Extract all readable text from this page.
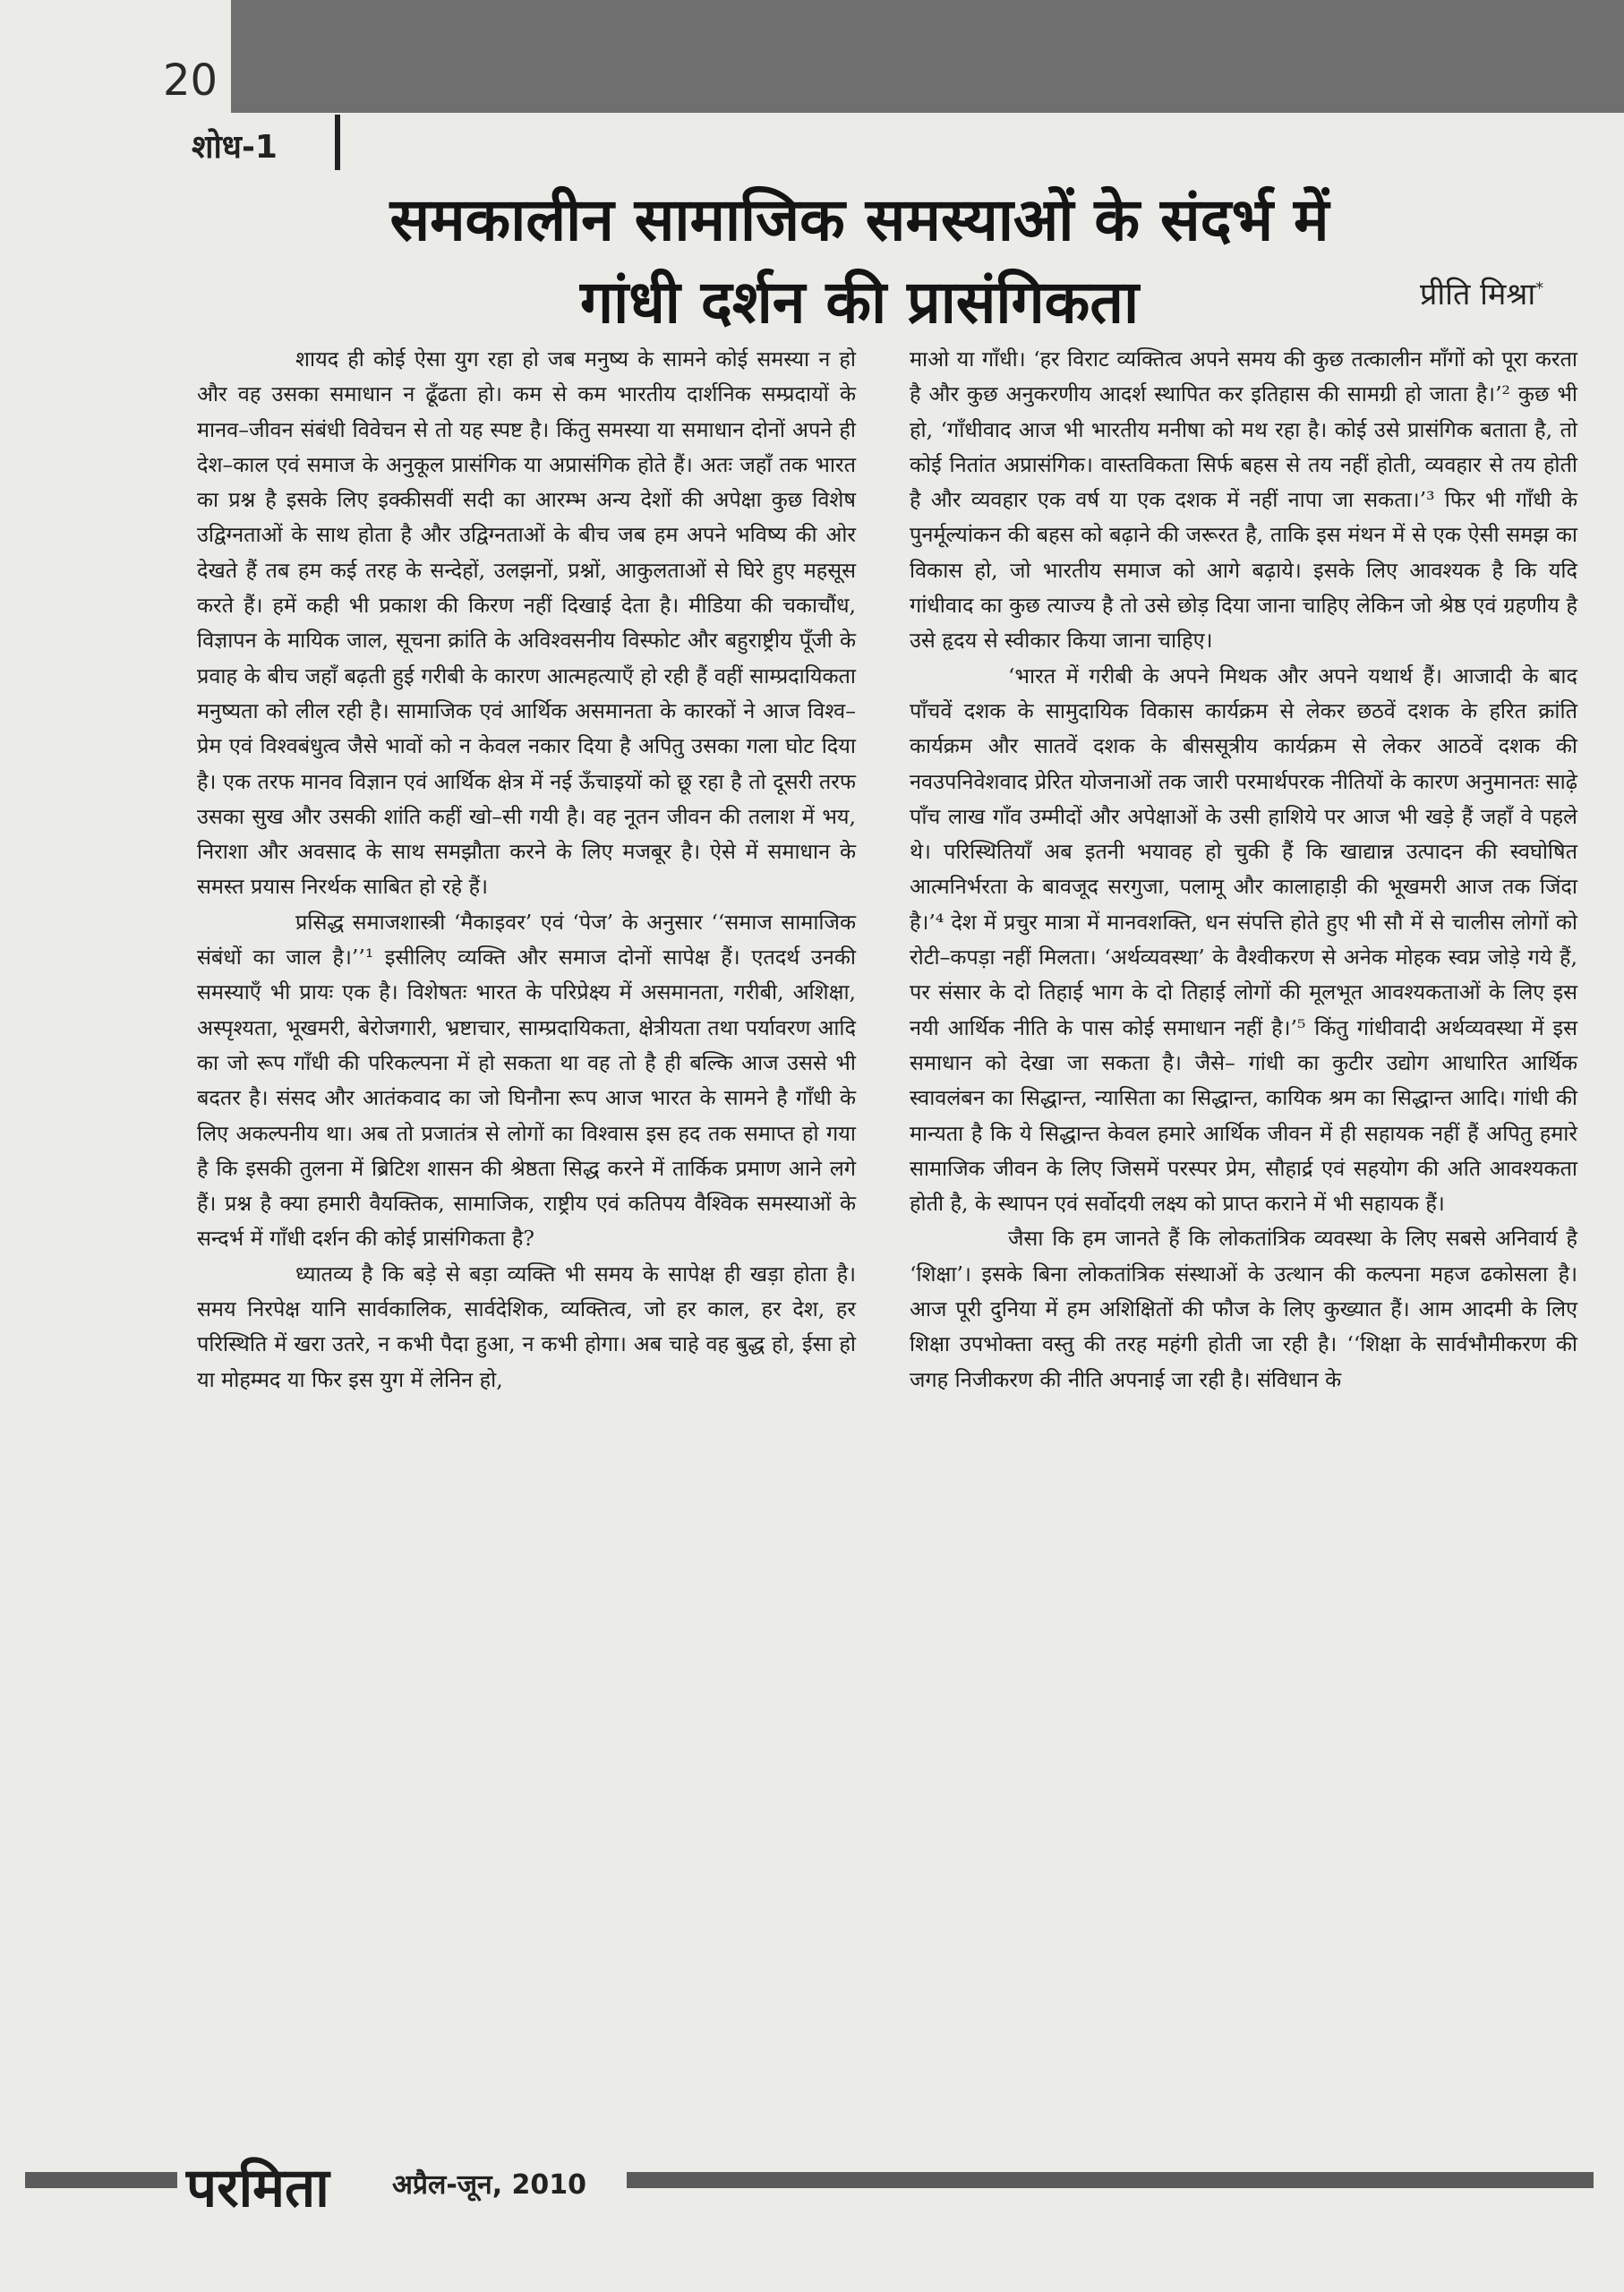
20
शोध-1
समकालीन सामाजिक समस्याओं के संदर्भ में
गांधी दर्शन की प्रासंगिकता	प्रीति मिश्रा*

शायद ही कोई ऐसा युग रहा हो जब मनुष्य के सामने कोई समस्या न हो और वह उसका समाधान न ढूँढता हो। कम से कम भारतीय दार्शनिक सम्प्रदायों के मानव–जीवन संबंधी विवेचन से तो यह स्पष्ट है। किंतु समस्या या समाधान दोनों अपने ही देश–काल एवं समाज के अनुकूल प्रासंगिक या अप्रासंगिक होते हैं। अतः जहाँ तक भारत का प्रश्न है इसके लिए इक्कीसवीं सदी का आरम्भ अन्य देशों की अपेक्षा कुछ विशेष उद्विग्नताओं के साथ होता है और उद्विग्नताओं के बीच जब हम अपने भविष्य की ओर देखते हैं तब हम कई तरह के सन्देहों, उलझनों, प्रश्नों, आकुलताओं से घिरे हुए महसूस करते हैं। हमें कही भी प्रकाश की किरण नहीं दिखाई देता है। मीडिया की चकाचौंध, विज्ञापन के मायिक जाल, सूचना क्रांति के अविश्वसनीय विस्फोट और बहुराष्ट्रीय पूँजी के प्रवाह के बीच जहाँ बढ़ती हुई गरीबी के कारण आत्महत्याएँ हो रही हैं वहीं साम्प्रदायिकता मनुष्यता को लील रही है। सामाजिक एवं आर्थिक असमानता के कारकों ने आज विश्व–प्रेम एवं विश्वबंधुत्व जैसे भावों को न केवल नकार दिया है अपितु उसका गला घोट दिया है। एक तरफ मानव विज्ञान एवं आर्थिक क्षेत्र में नई ऊँचाइयों को छू रहा है तो दूसरी तरफ उसका सुख और उसकी शांति कहीं खो–सी गयी है। वह नूतन जीवन की तलाश में भय, निराशा और अवसाद के साथ समझौता करने के लिए मजबूर है। ऐसे में समाधान के समस्त प्रयास निरर्थक साबित हो रहे हैं।

प्रसिद्ध समाजशास्त्री ‘मैकाइवर’ एवं ‘पेज’ के अनुसार ‘‘समाज सामाजिक संबंधों का जाल है।’’¹ इसीलिए व्यक्ति और समाज दोनों सापेक्ष हैं। एतदर्थ उनकी समस्याएँ भी प्रायः एक है। विशेषतः भारत के परिप्रेक्ष्य में असमानता, गरीबी, अशिक्षा, अस्पृश्यता, भूखमरी, बेरोजगारी, भ्रष्टाचार, साम्प्रदायिकता, क्षेत्रीयता तथा पर्यावरण आदि का जो रूप गाँधी की परिकल्पना में हो सकता था वह तो है ही बल्कि आज उससे भी बदतर है। संसद और आतंकवाद का जो घिनौना रूप आज भारत के सामने है गाँधी के लिए अकल्पनीय था। अब तो प्रजातंत्र से लोगों का विश्वास इस हद तक समाप्त हो गया है कि इसकी तुलना में ब्रिटिश शासन की श्रेष्ठता सिद्ध करने में तार्किक प्रमाण आने लगे हैं। प्रश्न है क्या हमारी वैयक्तिक, सामाजिक, राष्ट्रीय एवं कतिपय वैश्विक समस्याओं के सन्दर्भ में गाँधी दर्शन की कोई प्रासंगिकता है?

ध्यातव्य है कि बड़े से बड़ा व्यक्ति भी समय के सापेक्ष ही खड़ा होता है। समय निरपेक्ष यानि सार्वकालिक, सार्वदेशिक, व्यक्तित्व, जो हर काल, हर देश, हर परिस्थिति में खरा उतरे, न कभी पैदा हुआ, न कभी होगा। अब चाहे वह बुद्ध हो, ईसा हो या मोहम्मद या फिर इस युग में लेनिन हो,

माओ या गाँधी। ‘हर विराट व्यक्तित्व अपने समय की कुछ तत्कालीन माँगों को पूरा करता है और कुछ अनुकरणीय आदर्श स्थापित कर इतिहास की सामग्री हो जाता है।’² कुछ भी हो, ‘गाँधीवाद आज भी भारतीय मनीषा को मथ रहा है। कोई उसे प्रासंगिक बताता है, तो कोई नितांत अप्रासंगिक। वास्तविकता सिर्फ बहस से तय नहीं होती, व्यवहार से तय होती है और व्यवहार एक वर्ष या एक दशक में नहीं नापा जा सकता।’³ फिर भी गाँधी के पुनर्मूल्यांकन की बहस को बढ़ाने की जरूरत है, ताकि इस मंथन में से एक ऐसी समझ का विकास हो, जो भारतीय समाज को आगे बढ़ाये। इसके लिए आवश्यक है कि यदि गांधीवाद का कुछ त्याज्य है तो उसे छोड़ दिया जाना चाहिए लेकिन जो श्रेष्ठ एवं ग्रहणीय है उसे हृदय से स्वीकार किया जाना चाहिए।

‘भारत में गरीबी के अपने मिथक और अपने यथार्थ हैं। आजादी के बाद पाँचवें दशक के सामुदायिक विकास कार्यक्रम से लेकर छठवें दशक के हरित क्रांति कार्यक्रम और सातवें दशक के बीससूत्रीय कार्यक्रम से लेकर आठवें दशक की नवउपनिवेशवाद प्रेरित योजनाओं तक जारी परमार्थपरक नीतियों के कारण अनुमानतः साढ़े पाँच लाख गाँव उम्मीदों और अपेक्षाओं के उसी हाशिये पर आज भी खड़े हैं जहाँ वे पहले थे। परिस्थितियाँ अब इतनी भयावह हो चुकी हैं कि खाद्यान्न उत्पादन की स्वघोषित आत्मनिर्भरता के बावजूद सरगुजा, पलामू और कालाहाड़ी की भूखमरी आज तक जिंदा है।’⁴ देश में प्रचुर मात्रा में मानवशक्ति, धन संपत्ति होते हुए भी सौ में से चालीस लोगों को रोटी–कपड़ा नहीं मिलता। ‘अर्थव्यवस्था’ के वैश्वीकरण से अनेक मोहक स्वप्न जोड़े गये हैं, पर संसार के दो तिहाई भाग के दो तिहाई लोगों की मूलभूत आवश्यकताओं के लिए इस नयी आर्थिक नीति के पास कोई समाधान नहीं है।’⁵ किंतु गांधीवादी अर्थव्यवस्था में इस समाधान को देखा जा सकता है। जैसे– गांधी का कुटीर उद्योग आधारित आर्थिक स्वावलंबन का सिद्धान्त, न्यासिता का सिद्धान्त, कायिक श्रम का सिद्धान्त आदि। गांधी की मान्यता है कि ये सिद्धान्त केवल हमारे आर्थिक जीवन में ही सहायक नहीं हैं अपितु हमारे सामाजिक जीवन के लिए जिसमें परस्पर प्रेम, सौहार्द्र एवं सहयोग की अति आवश्यकता होती है, के स्थापन एवं सर्वोदयी लक्ष्य को प्राप्त कराने में भी सहायक हैं।

जैसा कि हम जानते हैं कि लोकतांत्रिक व्यवस्था के लिए सबसे अनिवार्य है ‘शिक्षा’। इसके बिना लोकतांत्रिक संस्थाओं के उत्थान की कल्पना महज ढकोसला है। आज पूरी दुनिया में हम अशिक्षितों की फौज के लिए कुख्यात हैं। आम आदमी के लिए शिक्षा उपभोक्ता वस्तु की तरह महंगी होती जा रही है। ‘‘शिक्षा के सार्वभौमीकरण की जगह निजीकरण की नीति अपनाई जा रही है। संविधान के

परमिता अप्रैल-जून, 2010
